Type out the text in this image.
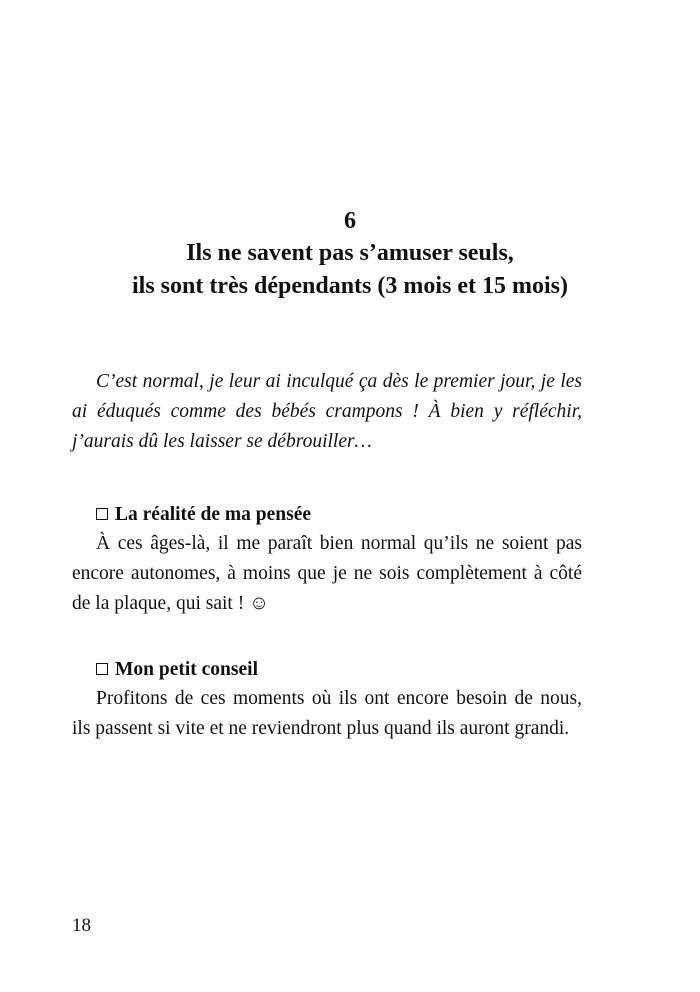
6
Ils ne savent pas s’amuser seuls,
ils sont très dépendants (3 mois et 15 mois)
C’est normal, je leur ai inculqué ça dès le premier jour, je les
ai éduqués comme des bébés crampons ! À bien y réfléchir,
j’aurais dû les laisser se débrouiller…
La réalité de ma pensée
À ces âges-là, il me paraît bien normal qu’ils ne soient pas
encore autonomes, à moins que je ne sois complètement à côté
de la plaque, qui sait ! ☺
Mon petit conseil
Profitons de ces moments où ils ont encore besoin de nous,
ils passent si vite et ne reviendront plus quand ils auront grandi.
18
